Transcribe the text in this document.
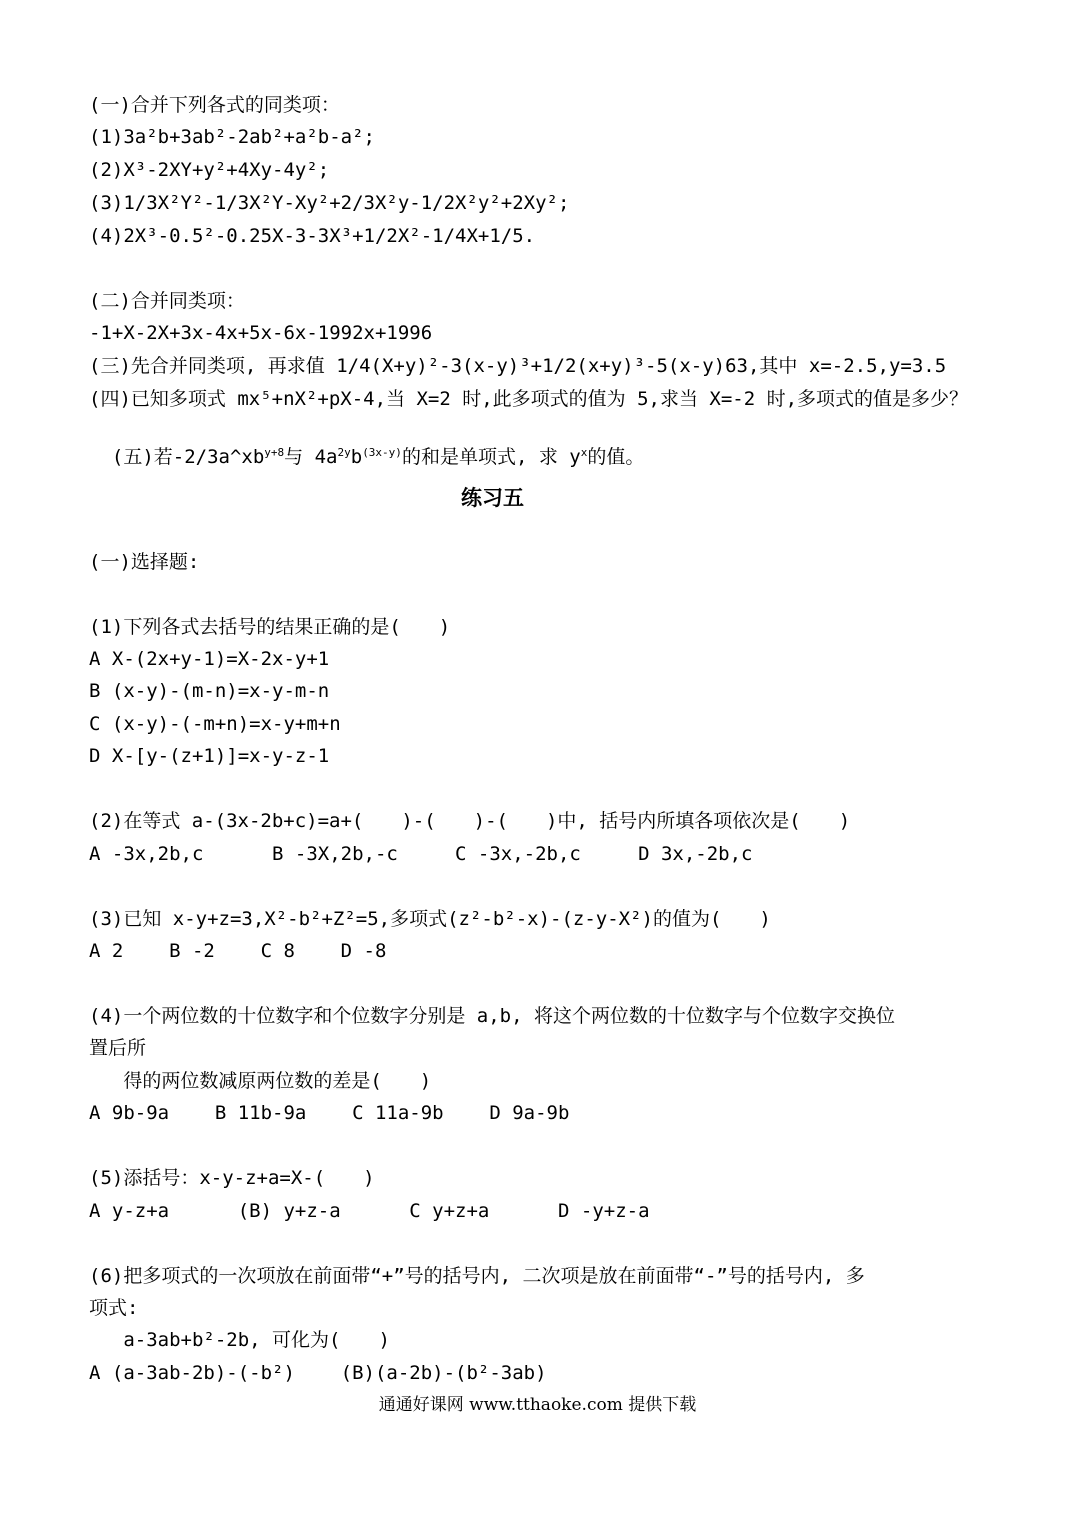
(一)合并下列各式的同类项：
(1)3a²b+3ab²-2ab²+a²b-a²;
(2)X³-2XY+y²+4Xy-4y²;
(3)1/3X²Y²-1/3X²Y-Xy²+2/3X²y-1/2X²y²+2Xy²;
(4)2X³-0.5²-0.25X-3-3X³+1/2X²-1/4X+1/5.
(二)合并同类项：
-1+X-2X+3x-4x+5x-6x-1992x+1996
(三)先合并同类项, 再求值 1/4(X+y)²-3(x-y)³+1/2(x+y)³-5(x-y)63,其中 x=-2.5,y=3.5
(四)已知多项式 mx⁵+nX²+pX-4,当 X=2 时,此多项式的值为 5,求当 X=-2 时,多项式的值是多少？

(五)若$-2/3a\^{}xb^{y+8}$与 $4a^{2y}b^{(3x-y)}$的和是单项式, 求 $y^x$的值。

练习五
(一)选择题:
(1)下列各式去括号的结果正确的是(　　)
A X-(2x+y-1)=X-2x-y+1
B (x-y)-(m-n)=x-y-m-n
C (x-y)-(-m+n)=x-y+m+n
D X-[y-(z+1)]=x-y-z-1
(2)在等式 a-(3x-2b+c)=a+(　　)-(　　)-(　　)中, 括号内所填各项依次是(　　)
A -3x,2b,c      B -3X,2b,-c     C -3x,-2b,c     D 3x,-2b,c
(3)已知 x-y+z=3,X²-b²+Z²=5,多项式(z²-b²-x)-(z-y-X²)的值为(　　)
A 2    B -2    C 8    D -8
(4)一个两位数的十位数字和个位数字分别是 a,b, 将这个两位数的十位数字与个位数字交换位
置后所
得的两位数减原两位数的差是(　　)
A 9b-9a    B 11b-9a    C 11a-9b    D 9a-9b
(5)添括号：x-y-z+a=X-(　　)
A y-z+a      (B) y+z-a      C y+z+a      D -y+z-a
(6)把多项式的一次项放在前面带“+”号的括号内, 二次项是放在前面带“-”号的括号内, 多
项式:
a-3ab+b²-2b, 可化为(　　)
A (a-3ab-2b)-(-b²)    (B)(a-2b)-(b²-3ab)
通通好课网 www.tthaoke.com 提供下载
